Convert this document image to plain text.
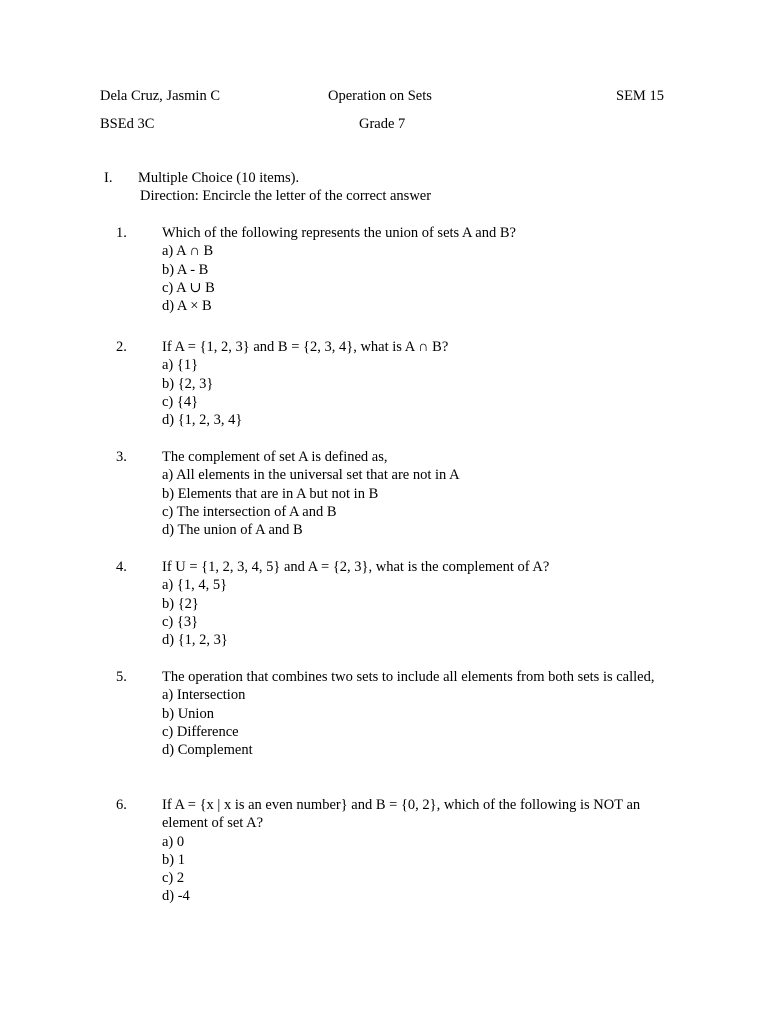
Dela Cruz, Jasmin C	Operation on Sets	SEM 15
BSEd 3C	Grade 7
I. Multiple Choice (10 items).
Direction: Encircle the letter of the correct answer
1. Which of the following represents the union of sets A and B?
a) A ∩ B
b) A - B
c) A ∪ B
d) A × B
2. If A = {1, 2, 3} and B = {2, 3, 4}, what is A ∩ B?
a) {1}
b) {2, 3}
c) {4}
d) {1, 2, 3, 4}
3. The complement of set A is defined as,
a) All elements in the universal set that are not in A
b) Elements that are in A but not in B
c) The intersection of A and B
d) The union of A and B
4. If U = {1, 2, 3, 4, 5} and A = {2, 3}, what is the complement of A?
a) {1, 4, 5}
b) {2}
c) {3}
d) {1, 2, 3}
5. The operation that combines two sets to include all elements from both sets is called,
a) Intersection
b) Union
c) Difference
d) Complement
6. If A = {x | x is an even number} and B = {0, 2}, which of the following is NOT an element of set A?
a) 0
b) 1
c) 2
d) -4
